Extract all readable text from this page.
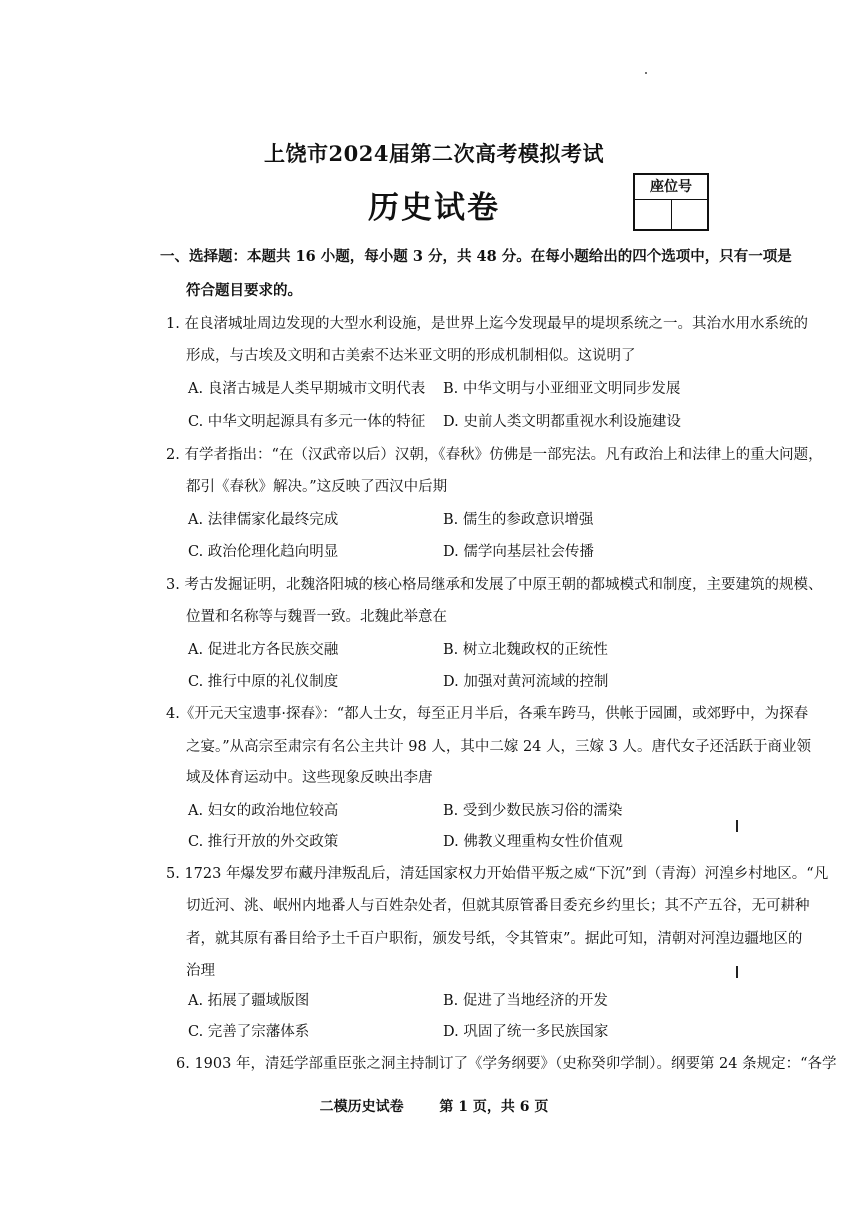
上饶市2024届第二次高考模拟考试
历史试卷
座位号
一、选择题：本题共 16 小题，每小题 3 分，共 48 分。在每小题给出的四个选项中，只有一项是
符合题目要求的。
1. 在良渚城址周边发现的大型水利设施，是世界上迄今发现最早的堤坝系统之一。其治水用水系统的
形成，与古埃及文明和古美索不达米亚文明的形成机制相似。这说明了
A. 良渚古城是人类早期城市文明代表 B. 中华文明与小亚细亚文明同步发展
C. 中华文明起源具有多元一体的特征 D. 史前人类文明都重视水利设施建设
2. 有学者指出：“在（汉武帝以后）汉朝，《春秋》仿佛是一部宪法。凡有政治上和法律上的重大问题，
都引《春秋》解决。”这反映了西汉中后期
A. 法律儒家化最终完成	B. 儒生的参政意识增强
C. 政治伦理化趋向明显	D. 儒学向基层社会传播
3. 考古发掘证明，北魏洛阳城的核心格局继承和发展了中原王朝的都城模式和制度，主要建筑的规模、
位置和名称等与魏晋一致。北魏此举意在
A. 促进北方各民族交融	B. 树立北魏政权的正统性
C. 推行中原的礼仪制度	D. 加强对黄河流域的控制
4.《开元天宝遗事·探春》：“都人士女，每至正月半后，各乘车跨马，供帐于园圃，或郊野中，为探春
之宴。”从高宗至肃宗有名公主共计 98 人，其中二嫁 24 人，三嫁 3 人。唐代女子还活跃于商业领
域及体育运动中。这些现象反映出李唐
A. 妇女的政治地位较高	B. 受到少数民族习俗的濡染
C. 推行开放的外交政策	D. 佛教义理重构女性价值观
5. 1723 年爆发罗布藏丹津叛乱后，清廷国家权力开始借平叛之威“下沉”到（青海）河湟乡村地区。“凡
切近河、洮、岷州内地番人与百姓杂处者，但就其原管番目委充乡约里长；其不产五谷，无可耕种
者，就其原有番目给予土千百户职衔，颁发号纸，令其管束”。据此可知，清朝对河湟边疆地区的
治理
A. 拓展了疆域版图	B. 促进了当地经济的开发
C. 完善了宗藩体系	D. 巩固了统一多民族国家
6. 1903 年，清廷学部重臣张之洞主持制订了《学务纲要》（史称癸卯学制）。纲要第 24 条规定：“各学
二模历史试卷	第 1 页，共 6 页
